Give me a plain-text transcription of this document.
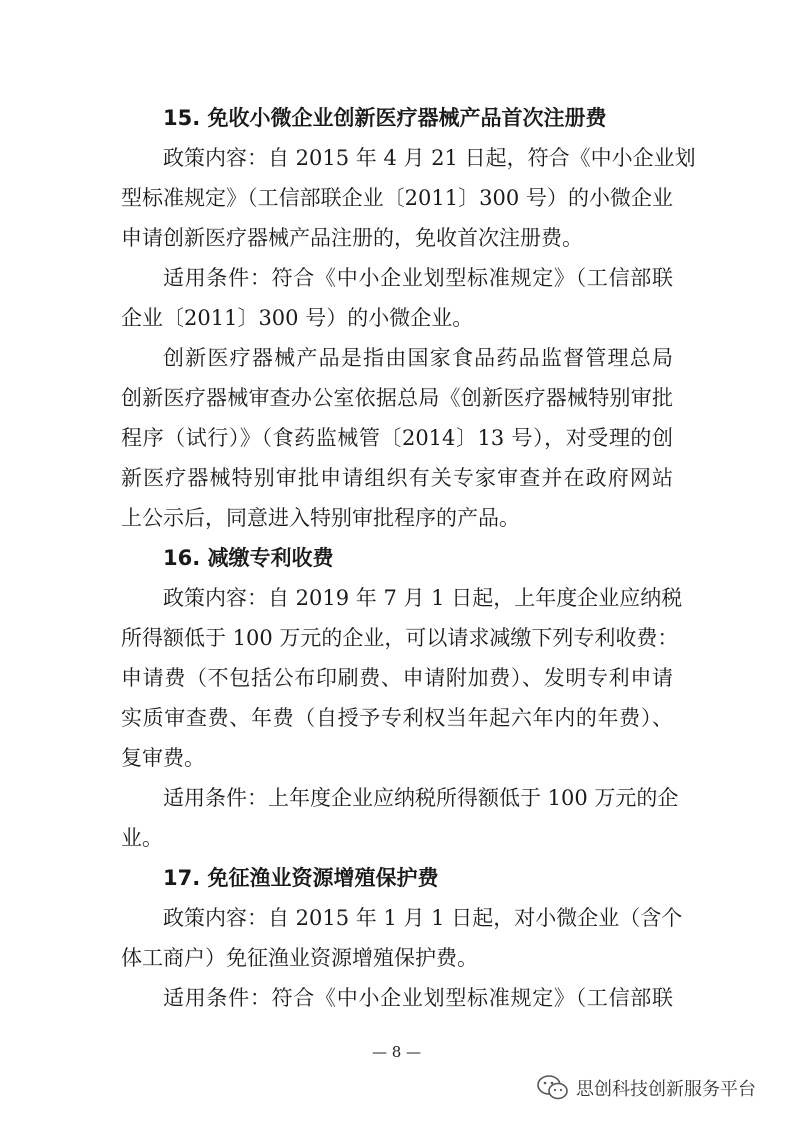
15. 免收小微企业创新医疗器械产品首次注册费
政策内容：自 2015 年 4 月 21 日起，符合《中小企业划
型标准规定》（工信部联企业〔2011〕300 号）的小微企业
申请创新医疗器械产品注册的，免收首次注册费。
适用条件：符合《中小企业划型标准规定》（工信部联
企业〔2011〕300 号）的小微企业。
创新医疗器械产品是指由国家食品药品监督管理总局
创新医疗器械审查办公室依据总局《创新医疗器械特别审批
程序（试行）》（食药监械管〔2014〕13 号），对受理的创
新医疗器械特别审批申请组织有关专家审查并在政府网站
上公示后，同意进入特别审批程序的产品。
16. 减缴专利收费
政策内容：自 2019 年 7 月 1 日起，上年度企业应纳税
所得额低于 100 万元的企业，可以请求减缴下列专利收费：
申请费（不包括公布印刷费、申请附加费）、发明专利申请
实质审查费、年费（自授予专利权当年起六年内的年费）、
复审费。
适用条件：上年度企业应纳税所得额低于 100 万元的企
业。
17. 免征渔业资源增殖保护费
政策内容：自 2015 年 1 月 1 日起，对小微企业（含个
体工商户）免征渔业资源增殖保护费。
适用条件：符合《中小企业划型标准规定》（工信部联
— 8 —
思创科技创新服务平台
